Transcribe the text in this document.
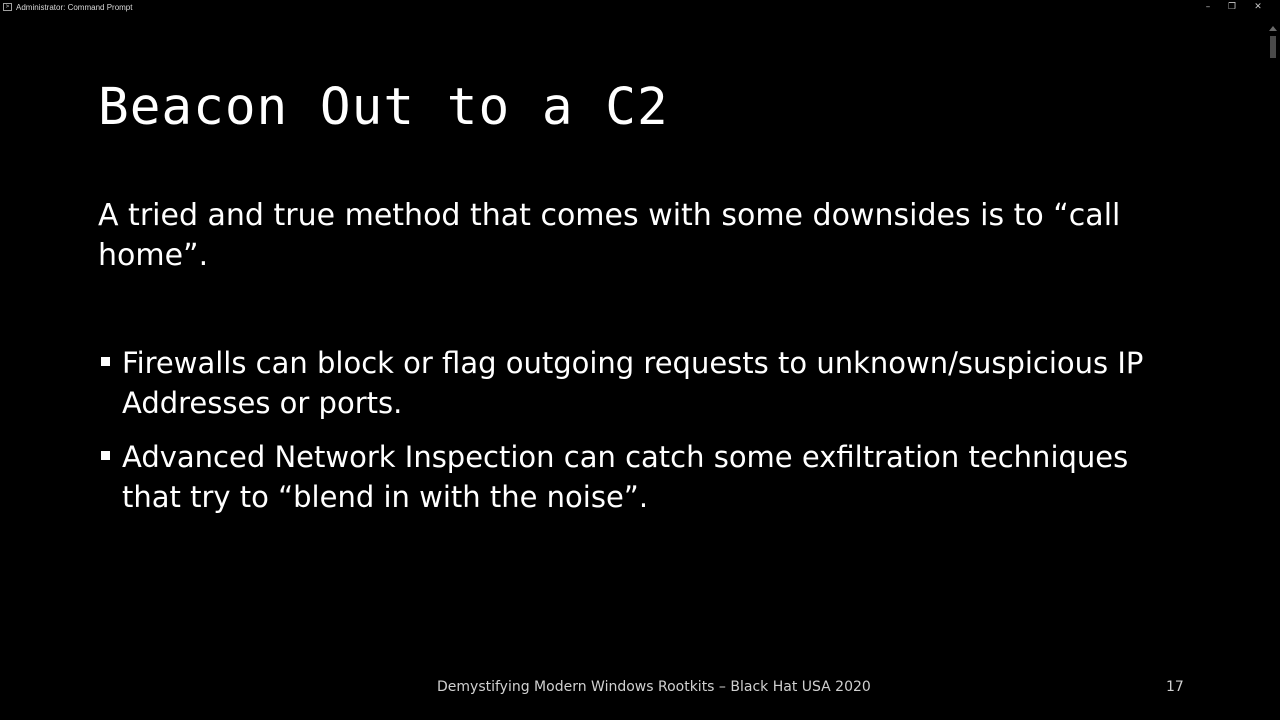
> Administrator: Command Prompt	–	❐	✕
Beacon Out to a C2
A tried and true method that comes with some downsides is to “call home”.
Firewalls can block or flag outgoing requests to unknown/suspicious IP Addresses or ports.
Advanced Network Inspection can catch some exfiltration techniques that try to “blend in with the noise”.
Demystifying Modern Windows Rootkits – Black Hat USA 2020	17
